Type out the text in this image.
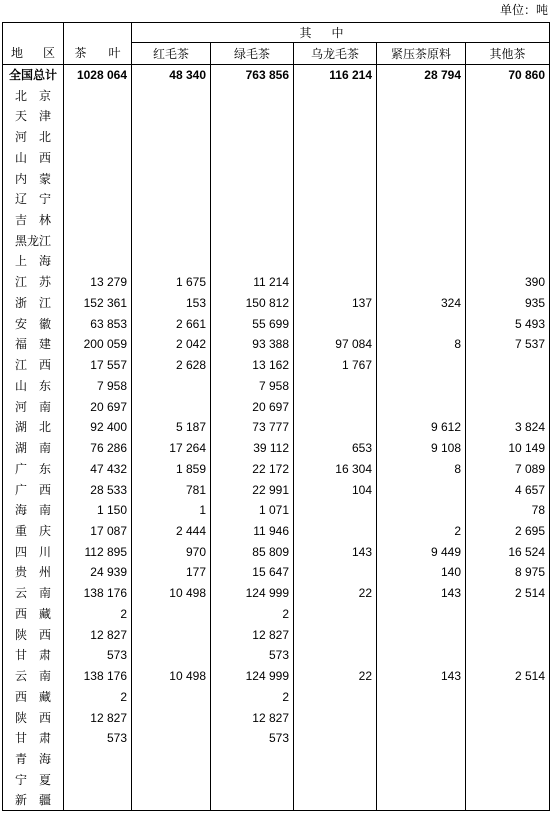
单位：吨
地 区	茶 叶	其 中				
		红毛茶	绿毛茶	乌龙毛茶	紧压茶原料	其他茶
全国总计	1028 064	48 340	763 856	116 214	28 794	70 860
北 京						
天 津						
河 北						
山 西						
内 蒙						
辽 宁						
吉 林						
黑龙江						
上 海						
江 苏	13 279	1 675	11 214			390
浙 江	152 361	153	150 812	137	324	935
安 徽	63 853	2 661	55 699			5 493
福 建	200 059	2 042	93 388	97 084	8	7 537
江 西	17 557	2 628	13 162	1 767		
山 东	7 958		7 958			
河 南	20 697		20 697			
湖 北	92 400	5 187	73 777		9 612	3 824
湖 南	76 286	17 264	39 112	653	9 108	10 149
广 东	47 432	1 859	22 172	16 304	8	7 089
广 西	28 533	781	22 991	104		4 657
海 南	1 150	1	1 071			78
重 庆	17 087	2 444	11 946		2	2 695
四 川	112 895	970	85 809	143	9 449	16 524
贵 州	24 939	177	15 647		140	8 975
云 南	138 176	10 498	124 999	22	143	2 514
西 藏	2		2			
陕 西	12 827		12 827			
甘 肃	573		573			
云 南	138 176	10 498	124 999	22	143	2 514
西 藏	2		2			
陕 西	12 827		12 827			
甘 肃	573		573			
青 海						
宁 夏						
新 疆						
